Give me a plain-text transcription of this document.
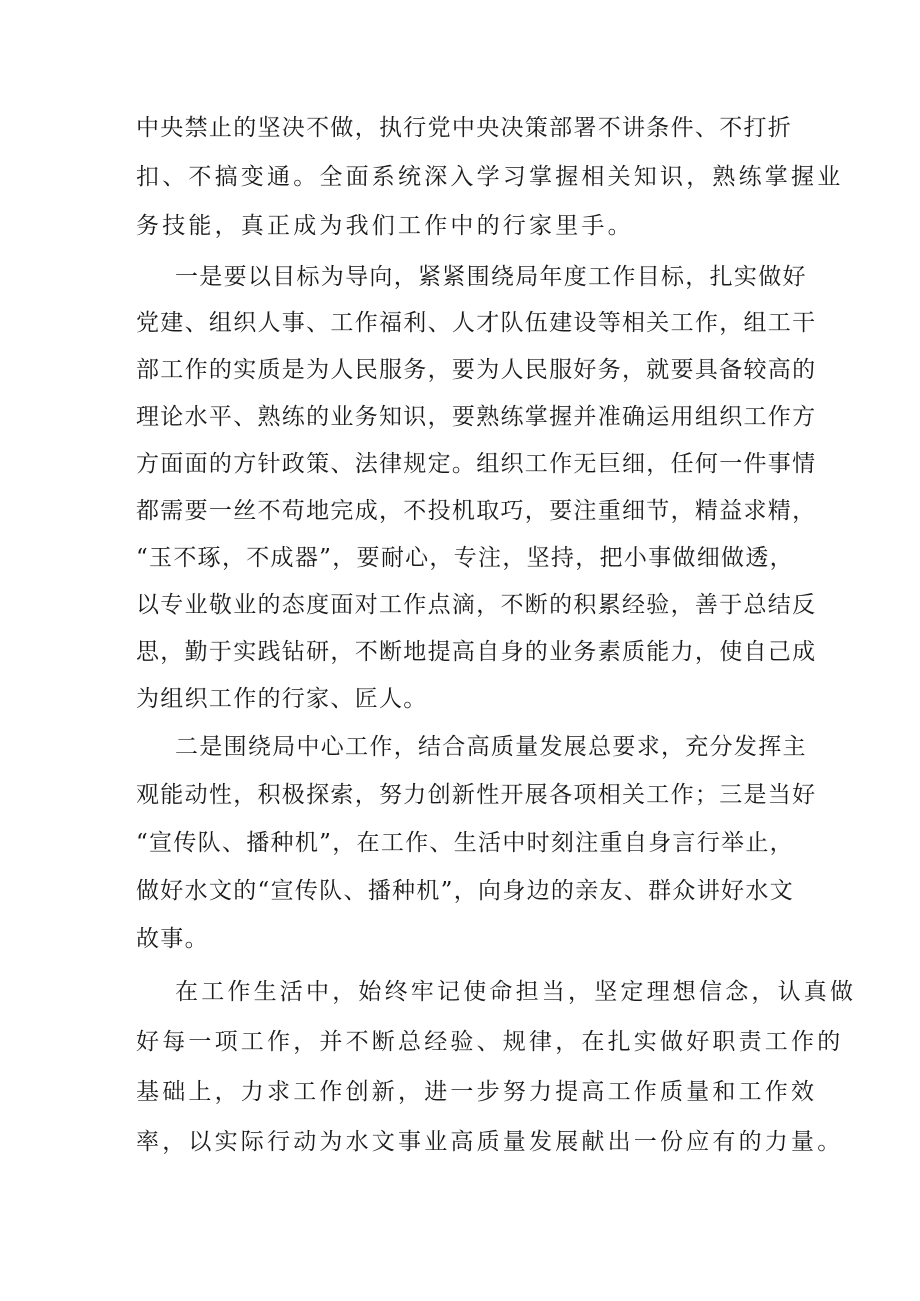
中央禁止的坚决不做，执行党中央决策部署不讲条件、不打折
扣、不搞变通。全面系统深入学习掌握相关知识，熟练掌握业
务技能，真正成为我们工作中的行家里手。
一是要以目标为导向，紧紧围绕局年度工作目标，扎实做好
党建、组织人事、工作福利、人才队伍建设等相关工作，组工干
部工作的实质是为人民服务，要为人民服好务，就要具备较高的
理论水平、熟练的业务知识，要熟练掌握并准确运用组织工作方
方面面的方针政策、法律规定。组织工作无巨细，任何一件事情
都需要一丝不苟地完成，不投机取巧，要注重细节，精益求精，
“玉不琢，不成器”，要耐心，专注，坚持，把小事做细做透，
以专业敬业的态度面对工作点滴，不断的积累经验，善于总结反
思，勤于实践钻研，不断地提高自身的业务素质能力，使自己成
为组织工作的行家、匠人。
二是围绕局中心工作，结合高质量发展总要求，充分发挥主
观能动性，积极探索，努力创新性开展各项相关工作；三是当好
“宣传队、播种机”，在工作、生活中时刻注重自身言行举止，
做好水文的“宣传队、播种机”，向身边的亲友、群众讲好水文
故事。
在工作生活中，始终牢记使命担当，坚定理想信念，认真做
好每一项工作，并不断总经验、规律，在扎实做好职责工作的
基础上，力求工作创新，进一步努力提高工作质量和工作效
率，以实际行动为水文事业高质量发展献出一份应有的力量。
